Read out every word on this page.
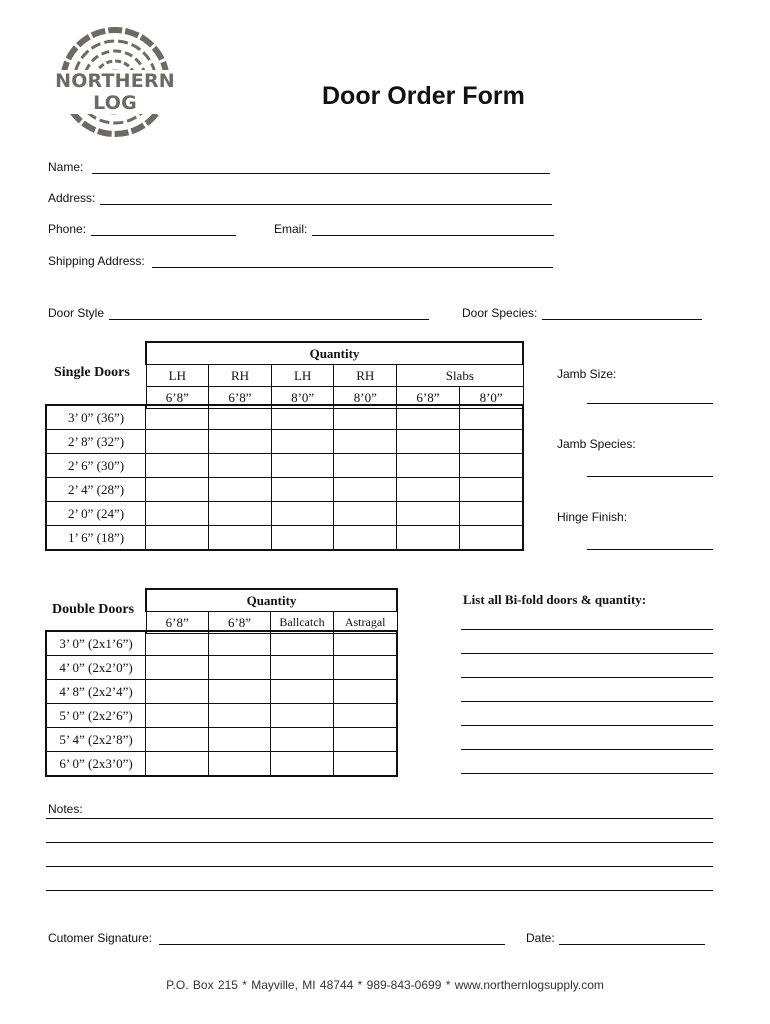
NORTHERN LOG	Door Order Form
Name:
Address:
Phone:	Email:
Shipping Address:
Door Style	Door Species:
Single Doors
Quantity					
LH	RH	LH	RH	Slabs	
6’8”	6’8”	8’0”	8’0”	6’8”	8’0”
3’ 0” (36”)						
2’ 8” (32”)						
2’ 6” (30”)						
2’ 4” (28”)						
2’ 0” (24”)						
1’ 6” (18”)						
Jamb Size:
Jamb Species:
Hinge Finish:
Double Doors
Quantity
6’8”	6’8”	Ballcatch	Astragal
3’ 0” (2x1’6”)				
4’ 0” (2x2’0”)				
4’ 8” (2x2’4”)				
5’ 0” (2x2’6”)				
5’ 4” (2x2’8”)				
6’ 0” (2x3’0”)				
List all Bi-fold doors & quantity:
Notes:
Cutomer Signature:	Date:
P.O. Box 215 * Mayville, MI 48744 * 989-843-0699 * www.northernlogsupply.com
